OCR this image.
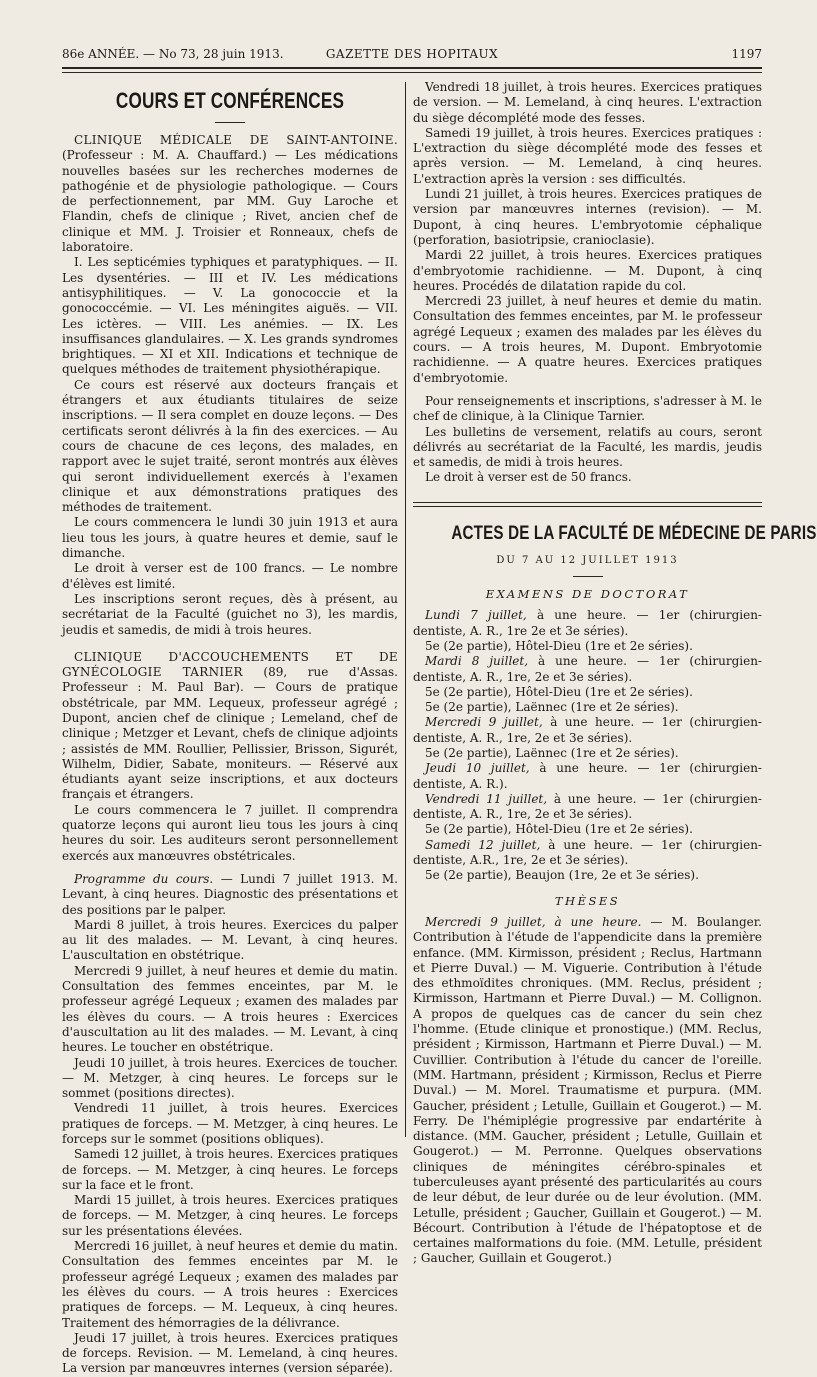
86e ANNÉE. — No 73, 28 juin 1913.	GAZETTE DES HOPITAUX	1197
COURS ET CONFÉRENCES

CLINIQUE MÉDICALE DE SAINT-ANTOINE. (Professeur : M. A. Chauffard.) — Les médications nouvelles basées sur les recherches modernes de pathogénie et de physiologie pathologique. — Cours de perfectionnement, par MM. Guy Laroche et Flandin, chefs de clinique ; Rivet, ancien chef de clinique et MM. J. Troisier et Ronneaux, chefs de laboratoire.

I. Les septicémies typhiques et paratyphiques. — II. Les dysentéries. — III et IV. Les médications antisyphilitiques. — V. La gonococcie et la gonococcémie. — VI. Les méningites aiguës. — VII. Les ictères. — VIII. Les anémies. — IX. Les insuffisances glandulaires. — X. Les grands syndromes brightiques. — XI et XII. Indications et technique de quelques méthodes de traitement physiothérapique.

Ce cours est réservé aux docteurs français et étrangers et aux étudiants titulaires de seize inscriptions. — Il sera complet en douze leçons. — Des certificats seront délivrés à la fin des exercices. — Au cours de chacune de ces leçons, des malades, en rapport avec le sujet traité, seront montrés aux élèves qui seront individuellement exercés à l'examen clinique et aux démonstrations pratiques des méthodes de traitement.

Le cours commencera le lundi 30 juin 1913 et aura lieu tous les jours, à quatre heures et demie, sauf le dimanche.

Le droit à verser est de 100 francs. — Le nombre d'élèves est limité.

Les inscriptions seront reçues, dès à présent, au secrétariat de la Faculté (guichet no 3), les mardis, jeudis et samedis, de midi à trois heures.

CLINIQUE D'ACCOUCHEMENTS ET DE GYNÉCOLOGIE TARNIER (89, rue d'Assas. Professeur : M. Paul Bar). — Cours de pratique obstétricale, par MM. Lequeux, professeur agrégé ; Dupont, ancien chef de clinique ; Lemeland, chef de clinique ; Metzger et Levant, chefs de clinique adjoints ; assistés de MM. Roullier, Pellissier, Brisson, Sigurét, Wilhelm, Didier, Sabate, moniteurs. — Réservé aux étudiants ayant seize inscriptions, et aux docteurs français et étrangers.

Le cours commencera le 7 juillet. Il comprendra quatorze leçons qui auront lieu tous les jours à cinq heures du soir. Les auditeurs seront personnellement exercés aux manœuvres obstétricales.

Programme du cours. — Lundi 7 juillet 1913. M. Levant, à cinq heures. Diagnostic des présentations et des positions par le palper.

Mardi 8 juillet, à trois heures. Exercices du palper au lit des malades. — M. Levant, à cinq heures. L'auscultation en obstétrique.

Mercredi 9 juillet, à neuf heures et demie du matin. Consultation des femmes enceintes, par M. le professeur agrégé Lequeux ; examen des malades par les élèves du cours. — A trois heures : Exercices d'auscultation au lit des malades. — M. Levant, à cinq heures. Le toucher en obstétrique.

Jeudi 10 juillet, à trois heures. Exercices de toucher. — M. Metzger, à cinq heures. Le forceps sur le sommet (positions directes).

Vendredi 11 juillet, à trois heures. Exercices pratiques de forceps. — M. Metzger, à cinq heures. Le forceps sur le sommet (positions obliques).

Samedi 12 juillet, à trois heures. Exercices pratiques de forceps. — M. Metzger, à cinq heures. Le forceps sur la face et le front.

Mardi 15 juillet, à trois heures. Exercices pratiques de forceps. — M. Metzger, à cinq heures. Le forceps sur les présentations élevées.

Mercredi 16 juillet, à neuf heures et demie du matin. Consultation des femmes enceintes par M. le professeur agrégé Lequeux ; examen des malades par les élèves du cours. — A trois heures : Exercices pratiques de forceps. — M. Lequeux, à cinq heures. Traitement des hémorragies de la délivrance.

Jeudi 17 juillet, à trois heures. Exercices pratiques de forceps. Revision. — M. Lemeland, à cinq heures. La version par manœuvres internes (version séparée).

Vendredi 18 juillet, à trois heures. Exercices pratiques de version. — M. Lemeland, à cinq heures. L'extraction du siège décomplété mode des fesses.

Samedi 19 juillet, à trois heures. Exercices pratiques : L'extraction du siège décomplété mode des fesses et après version. — M. Lemeland, à cinq heures. L'extraction après la version : ses difficultés.

Lundi 21 juillet, à trois heures. Exercices pratiques de version par manœuvres internes (revision). — M. Dupont, à cinq heures. L'embryotomie céphalique (perforation, basiotripsie, cranioclasie).

Mardi 22 juillet, à trois heures. Exercices pratiques d'embryotomie rachidienne. — M. Dupont, à cinq heures. Procédés de dilatation rapide du col.

Mercredi 23 juillet, à neuf heures et demie du matin. Consultation des femmes enceintes, par M. le professeur agrégé Lequeux ; examen des malades par les élèves du cours. — A trois heures, M. Dupont. Embryotomie rachidienne. — A quatre heures. Exercices pratiques d'embryotomie.

Pour renseignements et inscriptions, s'adresser à M. le chef de clinique, à la Clinique Tarnier.

Les bulletins de versement, relatifs au cours, seront délivrés au secrétariat de la Faculté, les mardis, jeudis et samedis, de midi à trois heures.

Le droit à verser est de 50 francs.

ACTES DE LA FACULTÉ DE MÉDECINE DE PARIS
DU 7 AU 12 JUILLET 1913
EXAMENS DE DOCTORAT

Lundi 7 juillet, à une heure. — 1er (chirurgien-dentiste, A. R., 1re 2e et 3e séries).

5e (2e partie), Hôtel-Dieu (1re et 2e séries).

Mardi 8 juillet, à une heure. — 1er (chirurgien-dentiste, A. R., 1re, 2e et 3e séries).

5e (2e partie), Hôtel-Dieu (1re et 2e séries).

5e (2e partie), Laënnec (1re et 2e séries).

Mercredi 9 juillet, à une heure. — 1er (chirurgien-dentiste, A. R., 1re, 2e et 3e séries).

5e (2e partie), Laënnec (1re et 2e séries).

Jeudi 10 juillet, à une heure. — 1er (chirurgien-dentiste, A. R.).

Vendredi 11 juillet, à une heure. — 1er (chirurgien-dentiste, A. R., 1re, 2e et 3e séries).

5e (2e partie), Hôtel-Dieu (1re et 2e séries).

Samedi 12 juillet, à une heure. — 1er (chirurgien-dentiste, A.R., 1re, 2e et 3e séries).

5e (2e partie), Beaujon (1re, 2e et 3e séries).

THÈSES

Mercredi 9 juillet, à une heure. — M. Boulanger. Contribution à l'étude de l'appendicite dans la première enfance. (MM. Kirmisson, président ; Reclus, Hartmann et Pierre Duval.) — M. Viguerie. Contribution à l'étude des ethmoïdites chroniques. (MM. Reclus, président ; Kirmisson, Hartmann et Pierre Duval.) — M. Collignon. A propos de quelques cas de cancer du sein chez l'homme. (Etude clinique et pronostique.) (MM. Reclus, président ; Kirmisson, Hartmann et Pierre Duval.) — M. Cuvillier. Contribution à l'étude du cancer de l'oreille. (MM. Hartmann, président ; Kirmisson, Reclus et Pierre Duval.) — M. Morel. Traumatisme et purpura. (MM. Gaucher, président ; Letulle, Guillain et Gougerot.) — M. Ferry. De l'hémiplégie progressive par endartérite à distance. (MM. Gaucher, président ; Letulle, Guillain et Gougerot.) — M. Perronne. Quelques observations cliniques de méningites cérébro-spinales et tuberculeuses ayant présenté des particularités au cours de leur début, de leur durée ou de leur évolution. (MM. Letulle, président ; Gaucher, Guillain et Gougerot.) — M. Bécourt. Contribution à l'étude de l'hépatoptose et de certaines malformations du foie. (MM. Letulle, président ; Gaucher, Guillain et Gougerot.)
